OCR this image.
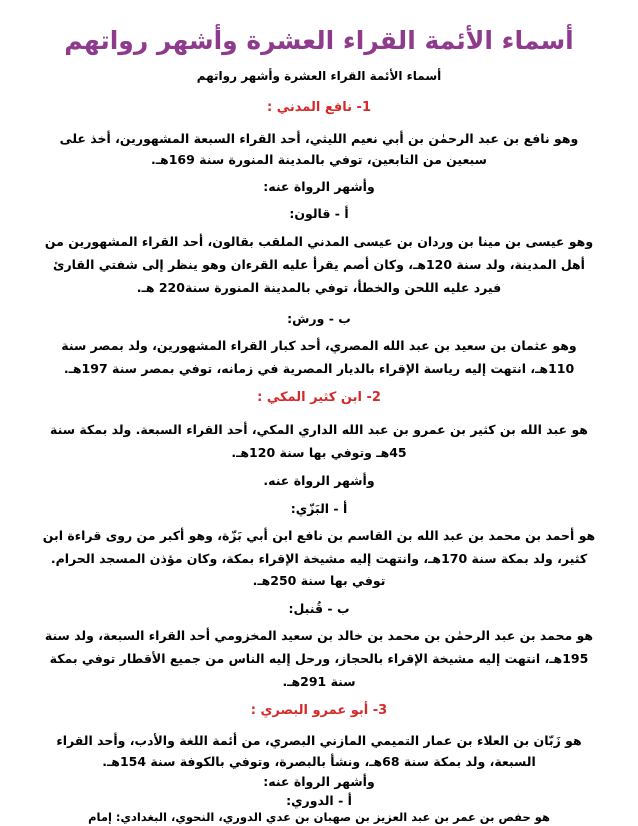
أسماء الأئمة القراء العشرة وأشهر رواتهم
أسماء الأئمة القراء العشرة وأشهر رواتهم
1- نافع المدني :
وهو نافع بن عبد الرحمٰن بن أبي نعيم الليثي، أحد القراء السبعة المشهورين، أخذ على
سبعين من التابعين، توفي بالمدينة المنورة سنة 169هـ.
وأشهر الرواة عنه:
أ - قالون:
وهو عيسى بن مينا بن وردان بن عيسى المدني الملقب بقالون، أحد القراء المشهورين من
أهل المدينة، ولد سنة 120هـ، وكان أصم يقرأ عليه القرءان وهو ينظر إلى شفتي القارئ
فيرد عليه اللحن والخطأ، توفي بالمدينة المنورة سنة220 هـ.
ب - ورش:
وهو عثمان بن سعيد بن عبد الله المصري، أحد كبار القراء المشهورين، ولد بمصر سنة
110هـ، انتهت إليه رياسة الإقراء بالديار المصرية في زمانه، توفي بمصر سنة 197هـ.
2- ابن كثير المكي :
هو عبد الله بن كثير بن عمرو بن عبد الله الداري المكي، أحد القراء السبعة. ولد بمكة سنة
45هـ وتوفي بها سنة 120هـ.
وأشهر الرواة عنه.
أ - البَزّي:
هو أحمد بن محمد بن عبد الله بن القاسم بن نافع ابن أبي بَزّة، وهو أكبر من روى قراءة ابن
كثير، ولد بمكة سنة 170هـ، وانتهت إليه مشيخة الإقراء بمكة، وكان مؤذن المسجد الحرام.
توفي بها سنة 250هـ.
ب - قُنبل:
هو محمد بن عبد الرحمٰن بن محمد بن خالد بن سعيد المخزومي أحد القراء السبعة، ولد سنة
195هـ، انتهت إليه مشيخة الإقراء بالحجاز، ورحل إليه الناس من جميع الأقطار توفي بمكة
سنة 291هـ.
3- أبو عمرو البصري :
هو زَبّان بن العلاء بن عمار التميمي المازني البصري، من أئمة اللغة والأدب، وأحد القراء
السبعة، ولد بمكة سنة 68هـ، ونشأ بالبصرة، وتوفي بالكوفة سنة 154هـ.
وأشهر الرواة عنه:
أ - الدوري:
هو حفص بن عمر بن عبد العزيز بن صهبان بن عدي الدوري، النحوي، البغدادي: إمام
